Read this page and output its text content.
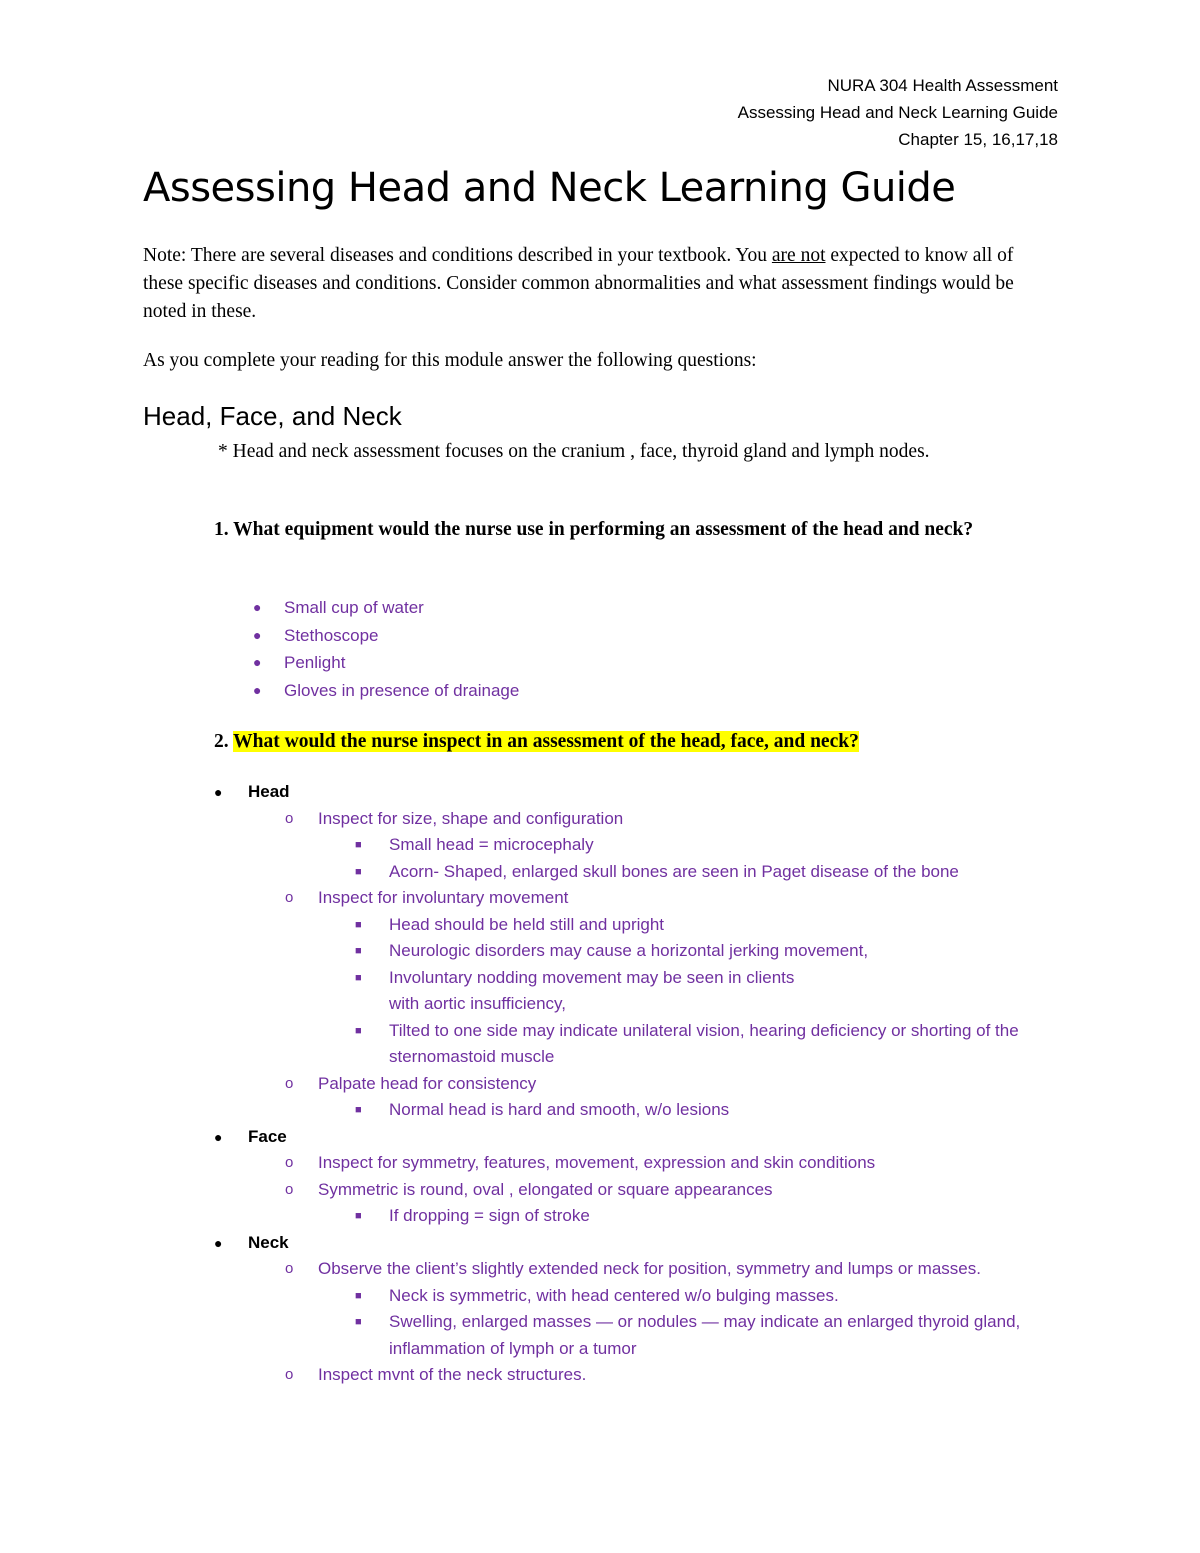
NURA 304 Health Assessment
Assessing Head and Neck Learning Guide
Chapter 15, 16,17,18
Assessing Head and Neck Learning Guide

Note: There are several diseases and conditions described in your textbook. You are not expected to know all of these specific diseases and conditions. Consider common abnormalities and what assessment findings would be noted in these.

As you complete your reading for this module answer the following questions:

Head, Face, and Neck

* Head and neck assessment focuses on the cranium , face, thyroid gland and lymph nodes.

1. What equipment would the nurse use in performing an assessment of the head and neck?
● Small cup of water
● Stethoscope
● Penlight
● Gloves in presence of drainage
2. What would the nurse inspect in an assessment of the head, face, and neck?
● Head
o Inspect for size, shape and configuration
■ Small head = microcephaly
■ Acorn- Shaped, enlarged skull bones are seen in Paget disease of the bone
o Inspect for involuntary movement
■ Head should be held still and upright
■ Neurologic disorders may cause a horizontal jerking movement,
■ Involuntary nodding movement may be seen in clients with aortic insufficiency,
■ Tilted to one side may indicate unilateral vision, hearing deficiency or shorting of the sternomastoid muscle
o Palpate head for consistency
■ Normal head is hard and smooth, w/o lesions
● Face
o Inspect for symmetry, features, movement, expression and skin conditions
o Symmetric is round, oval , elongated or square appearances
■ If dropping = sign of stroke
● Neck
o Observe the client’s slightly extended neck for position, symmetry and lumps or masses.
■ Neck is symmetric, with head centered w/o bulging masses.
■ Swelling, enlarged masses — or nodules — may indicate an enlarged thyroid gland, inflammation of lymph or a tumor
o Inspect mvnt of the neck structures.
